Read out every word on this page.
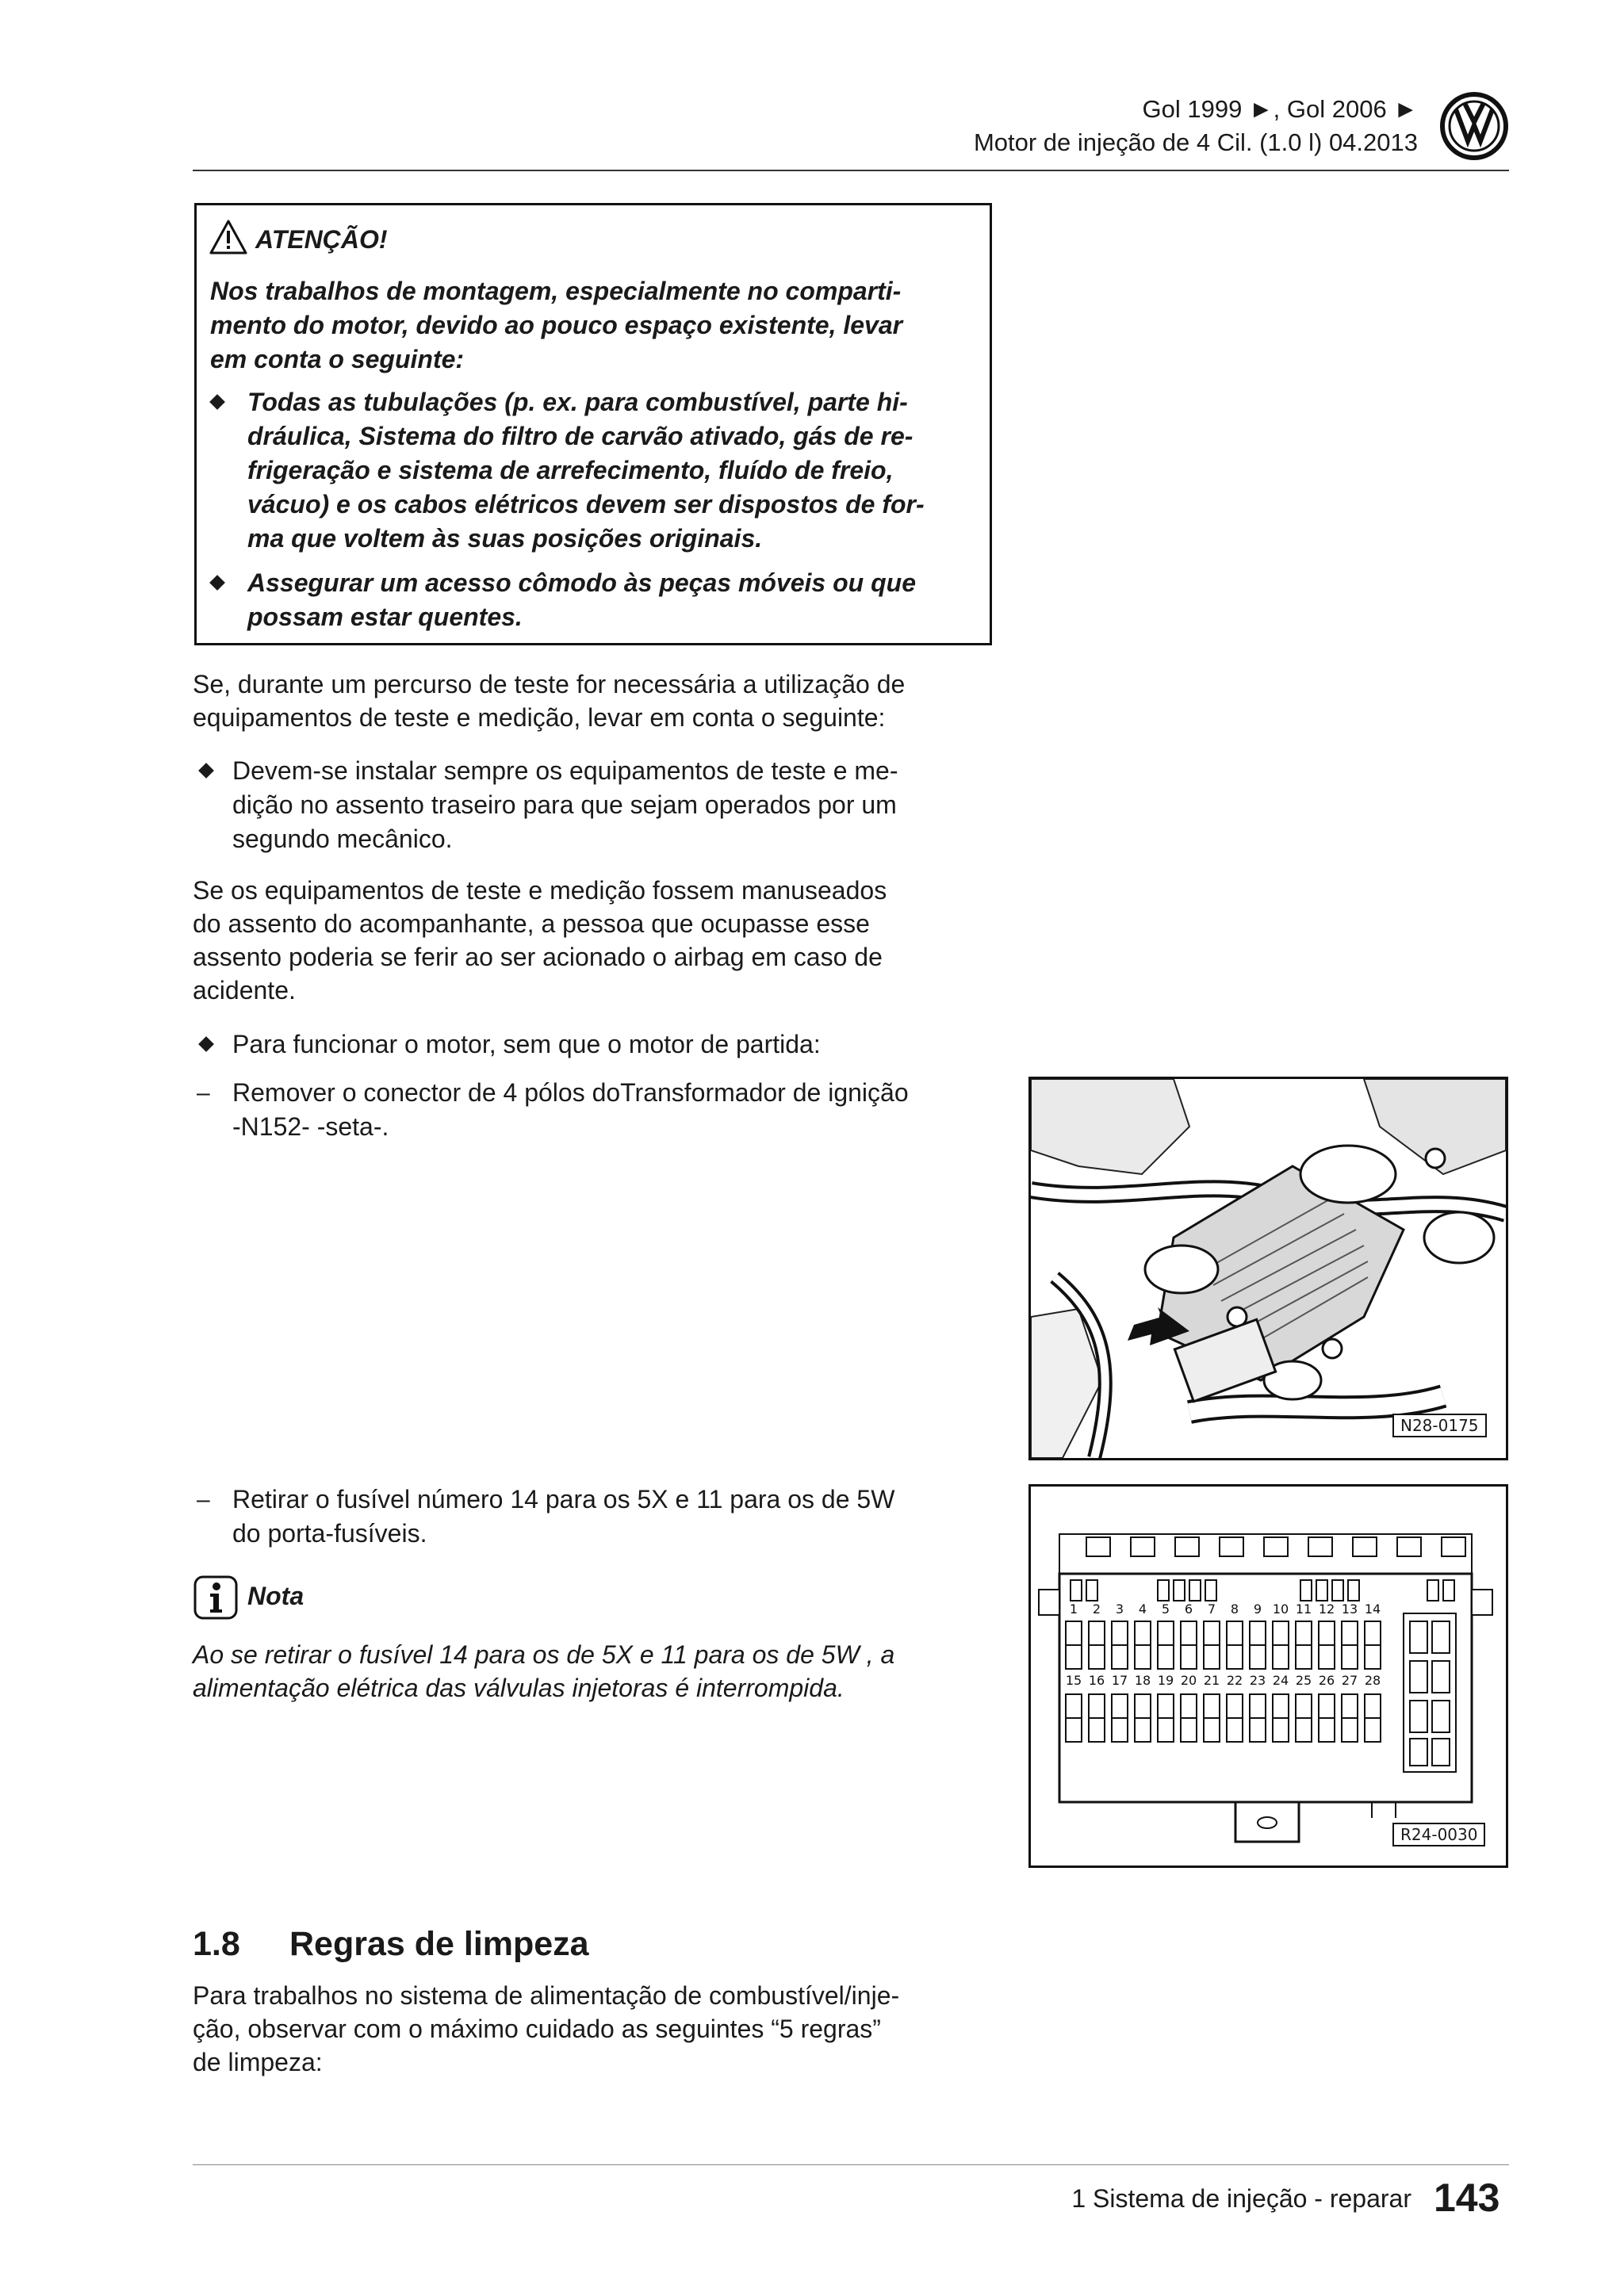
Gol 1999 ►, Gol 2006 ►
Motor de injeção de 4 Cil. (1.0 l) 04.2013
ATENÇÃO!
Nos trabalhos de montagem, especialmente no comparti-
mento do motor, devido ao pouco espaço existente, levar
em conta o seguinte:
Todas as tubulações (p. ex. para combustível, parte hi-
dráulica, Sistema do filtro de carvão ativado, gás de re-
frigeração e sistema de arrefecimento, fluído de freio,
vácuo) e os cabos elétricos devem ser dispostos de for-
ma que voltem às suas posições originais.
Assegurar um acesso cômodo às peças móveis ou que
possam estar quentes.
Se, durante um percurso de teste for necessária a utilização de
equipamentos de teste e medição, levar em conta o seguinte:
Devem-se instalar sempre os equipamentos de teste e me-
dição no assento traseiro para que sejam operados por um
segundo mecânico.
Se os equipamentos de teste e medição fossem manuseados
do assento do acompanhante, a pessoa que ocupasse esse
assento poderia se ferir ao ser acionado o airbag em caso de
acidente.
Para funcionar o motor, sem que o motor de partida:
– Remover o conector de 4 pólos doTransformador de ignição
-N152- -seta-.
– Retirar o fusível número 14 para os 5X e 11 para os de 5W
do porta-fusíveis.
Nota
Ao se retirar o fusível 14 para os de 5X e 11 para os de 5W , a
alimentação elétrica das válvulas injetoras é interrompida.
1.8 Regras de limpeza
Para trabalhos no sistema de alimentação de combustível/inje-
ção, observar com o máximo cuidado as seguintes “5 regras”
de limpeza:
N28-0175
1 2 3 4 5 6 7 8 9 10 11 12 13 14
15 16 17 18 19 20 21 22 23 24 25 26 27 28
R24-0030
1 Sistema de injeção - reparar 143
